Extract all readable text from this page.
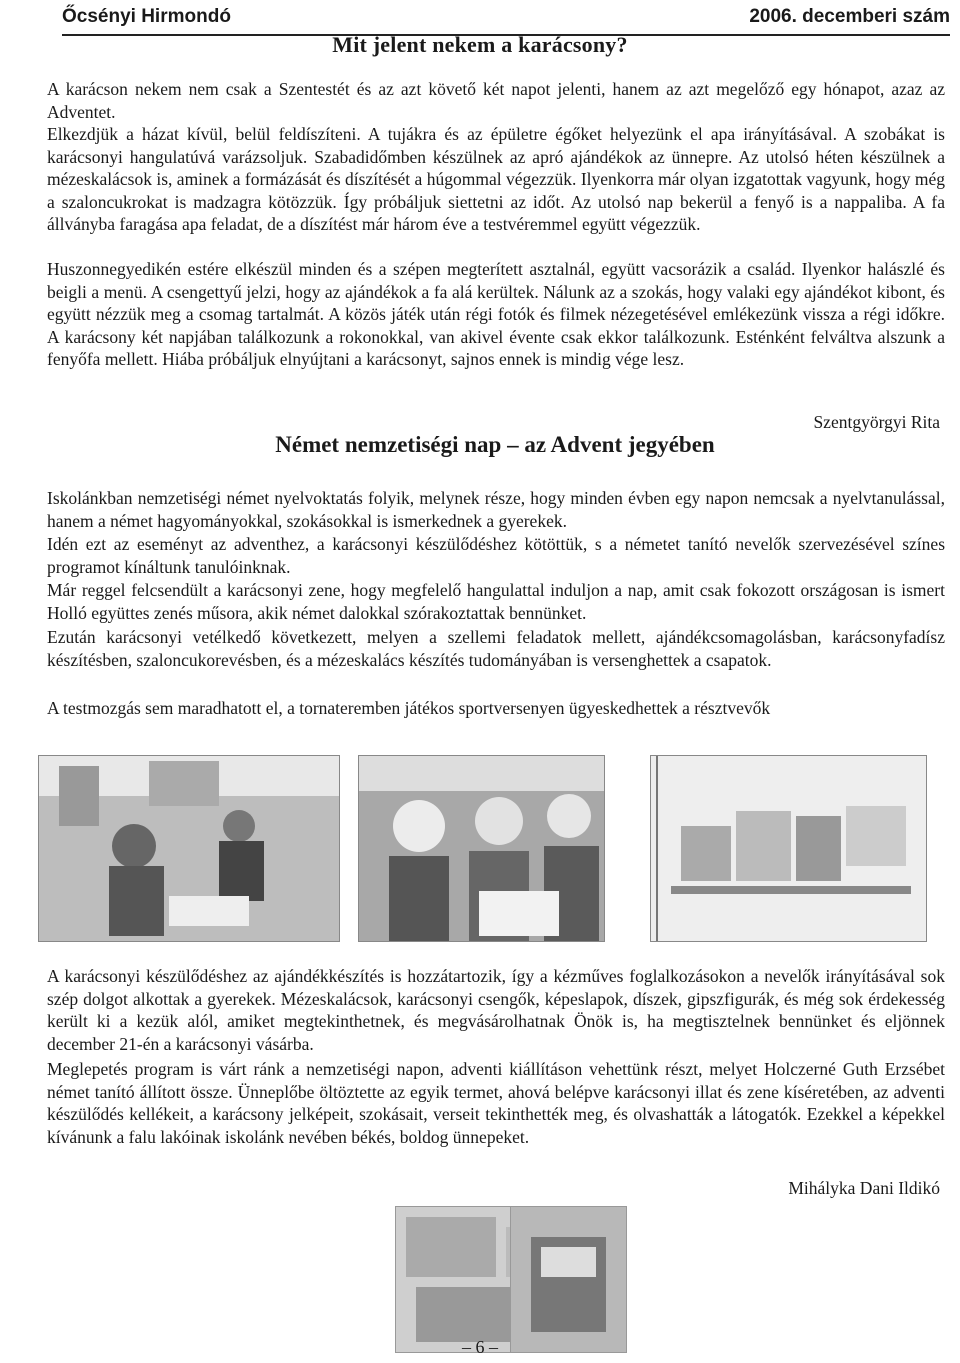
Őcsényi Hirmondó	2006. decemberi szám
Mit jelent nekem a karácsony?
A karácson nekem nem csak a Szentestét és az azt követő két napot jelenti, hanem az azt megelőző egy hónapot, azaz az Adventet.
Elkezdjük a házat kívül, belül feldíszíteni. A tujákra és az épületre égőket helyezünk el apa irányításával. A szobákat is karácsonyi hangulatúvá varázsoljuk. Szabadidőmben készülnek az apró ajándékok az ünnepre. Az utolsó héten készülnek a mézeskalácsok is, aminek a formázását és díszítését a húgommal végezzük. Ilyenkorra már olyan izgatottak vagyunk, hogy még a szaloncukrokat is madzagra kötözzük. Így próbáljuk siettetni az időt. Az utolsó nap bekerül a fenyő is a nappaliba. A fa állványba faragása apa feladat, de a díszítést már három éve a testvéremmel együtt végezzük.
Huszonnegyedikén estére elkészül minden és a szépen megterített asztalnál, együtt vacsorázik a család. Ilyenkor halászlé és beigli a menü. A csengettyű jelzi, hogy az ajándékok a fa alá kerültek. Nálunk az a szokás, hogy valaki egy ajándékot kibont, és együtt nézzük meg a csomag tartalmát. A közös játék után régi fotók és filmek nézegetésével emlékezünk vissza a régi időkre. A karácsony két napjában találkozunk a rokonokkal, van akivel évente csak ekkor találkozunk. Esténként felváltva alszunk a fenyőfa mellett. Hiába próbáljuk elnyújtani a karácsonyt, sajnos ennek is mindig vége lesz.
Szentgyörgyi Rita
Német nemzetiségi nap – az Advent jegyében
Iskolánkban nemzetiségi német nyelvoktatás folyik, melynek része, hogy minden évben egy napon nemcsak a nyelvtanulással, hanem a német hagyományokkal, szokásokkal is ismerkednek a gyerekek.
Idén ezt az eseményt az adventhez, a karácsonyi készülődéshez kötöttük, s a németet tanító nevelők szervezésével színes programot kínáltunk tanulóinknak.
Már reggel felcsendült a karácsonyi zene, hogy megfelelő hangulattal induljon a nap, amit csak fokozott országosan is ismert Holló együttes zenés műsora, akik német dalokkal szórakoztattak bennünket.
Ezután karácsonyi vetélkedő következett, melyen a szellemi feladatok mellett, ajándékcsomagolásban, karácsonyfadísz készítésben, szaloncukorevésben, és a mézeskalács készítés tudományában is versenghettek a csapatok.
A testmozgás sem maradhatott el, a tornateremben játékos sportversenyen ügyeskedhettek a résztvevők
A karácsonyi készülődéshez az ajándékkészítés is hozzátartozik, így a kézműves foglalkozásokon a nevelők irányításával sok szép dolgot alkottak a gyerekek. Mézeskalácsok, karácsonyi csengők, képeslapok, díszek, gipszfigurák, és még sok érdekesség került ki a kezük alól, amiket megtekinthetnek, és megvásárolhatnak Önök is, ha megtisztelnek bennünket és eljönnek december 21-én a karácsonyi vásárba.
Meglepetés program is várt ránk a nemzetiségi napon, adventi kiállításon vehettünk részt, melyet Holczerné Guth Erzsébet német tanító állított össze. Ünneplőbe öltöztette az egyik termet, ahová belépve karácsonyi illat és zene kíséretében, az adventi készülődés kellékeit, a karácsony jelképeit, szokásait, verseit tekinthették meg, és olvashatták a látogatók. Ezekkel a képekkel kívánunk a falu lakóinak iskolánk nevében békés, boldog ünnepeket.
Mihályka Dani Ildikó
– 6 –
